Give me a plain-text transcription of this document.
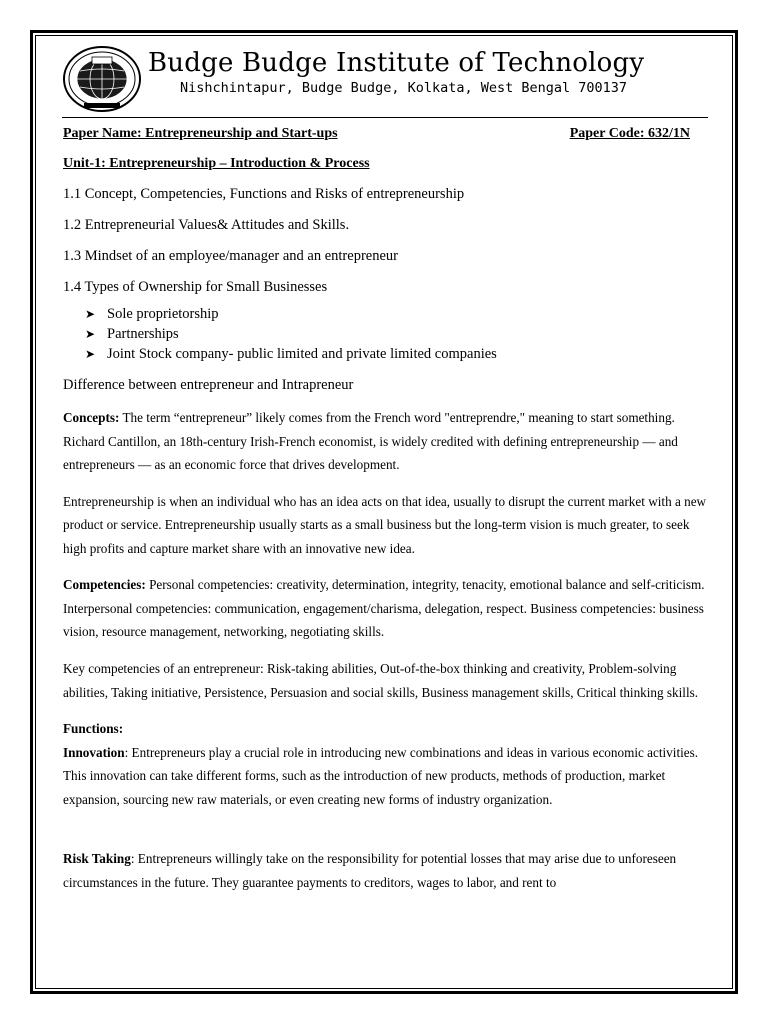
Budge Budge Institute of Technology
Nishchintapur, Budge Budge, Kolkata, West Bengal 700137
Paper Name: Entrepreneurship and Start-ups	Paper Code: 632/1N
Unit-1: Entrepreneurship – Introduction & Process
1.1 Concept, Competencies, Functions and Risks of entrepreneurship
1.2 Entrepreneurial Values& Attitudes and Skills.
1.3 Mindset of an employee/manager and an entrepreneur
1.4 Types of Ownership for Small Businesses
➤ Sole proprietorship
➤ Partnerships
➤ Joint Stock company- public limited and private limited companies
Difference between entrepreneur and Intrapreneur

Concepts: The term “entrepreneur” likely comes from the French word "entreprendre," meaning to start something. Richard Cantillon, an 18th-century Irish-French economist, is widely credited with defining entrepreneurship — and entrepreneurs — as an economic force that drives development.

Entrepreneurship is when an individual who has an idea acts on that idea, usually to disrupt the current market with a new product or service. Entrepreneurship usually starts as a small business but the long-term vision is much greater, to seek high profits and capture market share with an innovative new idea.

Competencies: Personal competencies: creativity, determination, integrity, tenacity, emotional balance and self-criticism. Interpersonal competencies: communication, engagement/charisma, delegation, respect. Business competencies: business vision, resource management, networking, negotiating skills.

Key competencies of an entrepreneur: Risk-taking abilities, Out-of-the-box thinking and creativity, Problem-solving abilities, Taking initiative, Persistence, Persuasion and social skills, Business management skills, Critical thinking skills.

Functions:

Innovation: Entrepreneurs play a crucial role in introducing new combinations and ideas in various economic activities. This innovation can take different forms, such as the introduction of new products, methods of production, market expansion, sourcing new raw materials, or even creating new forms of industry organization.

Risk Taking: Entrepreneurs willingly take on the responsibility for potential losses that may arise due to unforeseen circumstances in the future. They guarantee payments to creditors, wages to labor, and rent to
